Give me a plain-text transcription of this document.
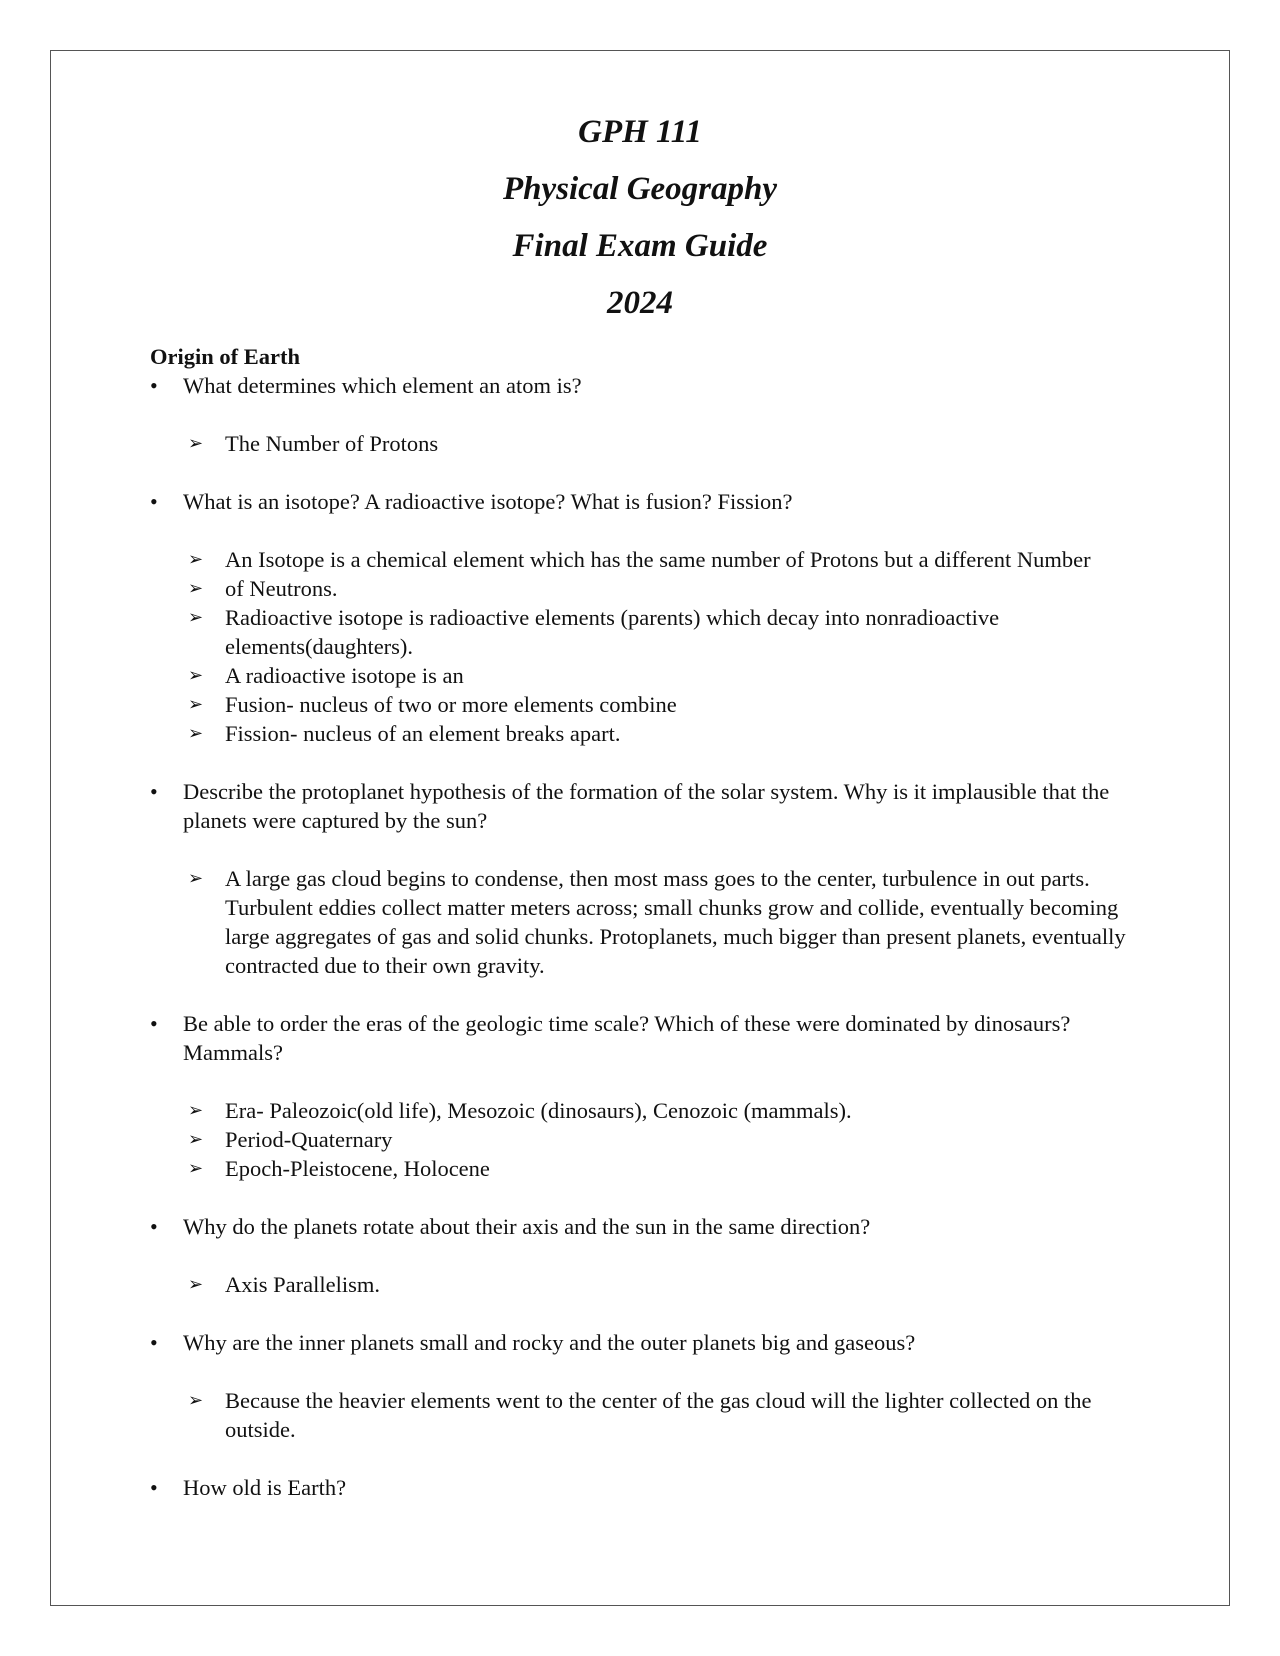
GPH 111

Physical Geography

Final Exam Guide

2024

Origin of Earth

• What determines which element an atom is?

➢ The Number of Protons

• What is an isotope? A radioactive isotope? What is fusion? Fission?

➢ An Isotope is a chemical element which has the same number of Protons but a different Number
➢ of Neutrons.
➢ Radioactive isotope is radioactive elements (parents) which decay into nonradioactive elements(daughters).
➢ A radioactive isotope is an
➢ Fusion- nucleus of two or more elements combine
➢ Fission- nucleus of an element breaks apart.

• Describe the protoplanet hypothesis of the formation of the solar system. Why is it implausible that the planets were captured by the sun?

➢ A large gas cloud begins to condense, then most mass goes to the center, turbulence in out parts. Turbulent eddies collect matter meters across; small chunks grow and collide, eventually becoming large aggregates of gas and solid chunks. Protoplanets, much bigger than present planets, eventually contracted due to their own gravity.

• Be able to order the eras of the geologic time scale? Which of these were dominated by dinosaurs? Mammals?

➢ Era- Paleozoic(old life), Mesozoic (dinosaurs), Cenozoic (mammals).
➢ Period-Quaternary
➢ Epoch-Pleistocene, Holocene

• Why do the planets rotate about their axis and the sun in the same direction?

➢ Axis Parallelism.

• Why are the inner planets small and rocky and the outer planets big and gaseous?

➢ Because the heavier elements went to the center of the gas cloud will the lighter collected on the outside.

• How old is Earth?
